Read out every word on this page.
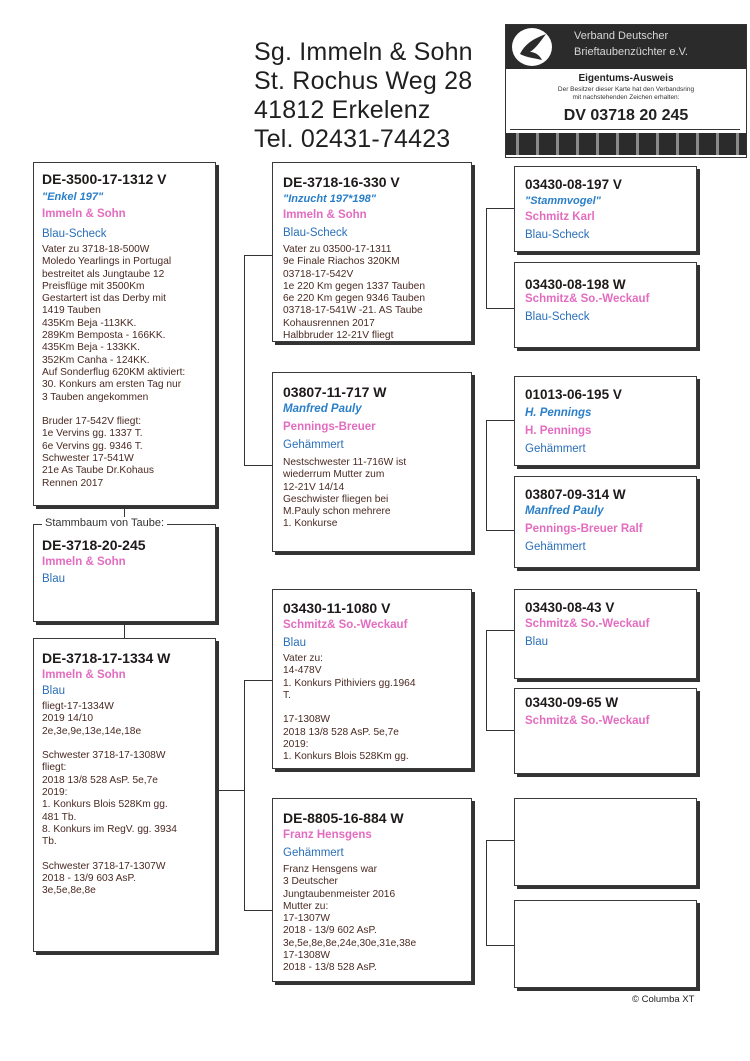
Sg. Immeln & Sohn
St. Rochus Weg 28
41812 Erkelenz
Tel. 02431-74423
Verband Deutscher
Brieftaubenzüchter e.V.
Eigentums-Ausweis
Der Besitzer dieser Karte hat den Verbandsring
mit nachstehenden Zeichen erhalten:
DV 03718 20 245
DE-3500-17-1312 V
"Enkel 197"
Immeln & Sohn
Blau-Scheck
Vater zu 3718-18-500W
Moledo Yearlings in Portugal
bestreitet als Jungtaube 12
Preisflüge mit 3500Km
Gestartert ist das Derby mit
1419 Tauben
435Km Beja -113KK.
289Km Bemposta - 166KK.
435Km Beja - 133KK.
352Km Canha - 124KK.
Auf Sonderflug 620KM aktiviert:
30. Konkurs am ersten Tag nur
3 Tauben angekommen

Bruder 17-542V fliegt:
1e Vervins gg. 1337 T.
6e Vervins gg. 9346 T.
Schwester 17-541W
21e As Taube Dr.Kohaus
Rennen 2017
Stammbaum von Taube:
DE-3718-20-245
Immeln & Sohn
Blau
DE-3718-17-1334 W
Immeln & Sohn
Blau
fliegt-17-1334W
2019 14/10
2e,3e,9e,13e,14e,18e

Schwester 3718-17-1308W
fliegt:
2018 13/8 528 AsP. 5e,7e
2019:
1. Konkurs Blois 528Km gg.
481 Tb.
8. Konkurs im RegV. gg. 3934
Tb.

Schwester 3718-17-1307W
2018 - 13/9 603 AsP.
3e,5e,8e,8e
DE-3718-16-330 V
"Inzucht 197*198"
Immeln & Sohn
Blau-Scheck
Vater zu 03500-17-1311
9e Finale Riachos 320KM
03718-17-542V
1e 220 Km gegen 1337 Tauben
6e 220 Km gegen 9346 Tauben
03718-17-541W -21. AS Taube
Kohausrennen 2017
Halbbruder 12-21V fliegt
03807-11-717 W
Manfred Pauly
Pennings-Breuer
Gehämmert
Nestschwester 11-716W ist
wiederrum Mutter zum
12-21V 14/14
Geschwister fliegen bei
M.Pauly schon mehrere
1. Konkurse
03430-11-1080 V
Schmitz& So.-Weckauf
Blau
Vater zu:
14-478V
1. Konkurs Pithiviers gg.1964
T.

17-1308W
2018 13/8 528 AsP. 5e,7e
2019:
1. Konkurs Blois 528Km gg.
DE-8805-16-884 W
Franz Hensgens
Gehämmert
Franz Hensgens war
3 Deutscher
Jungtaubenmeister 2016
Mutter zu:
17-1307W
2018 - 13/9 602 AsP.
3e,5e,8e,8e,24e,30e,31e,38e
17-1308W
2018 - 13/8 528 AsP.
03430-08-197 V
"Stammvogel"
Schmitz Karl
Blau-Scheck
03430-08-198 W
Schmitz& So.-Weckauf
Blau-Scheck
01013-06-195 V
H. Pennings
H. Pennings
Gehämmert
03807-09-314 W
Manfred Pauly
Pennings-Breuer Ralf
Gehämmert
03430-08-43 V
Schmitz& So.-Weckauf
Blau
03430-09-65 W
Schmitz& So.-Weckauf
© Columba XT
